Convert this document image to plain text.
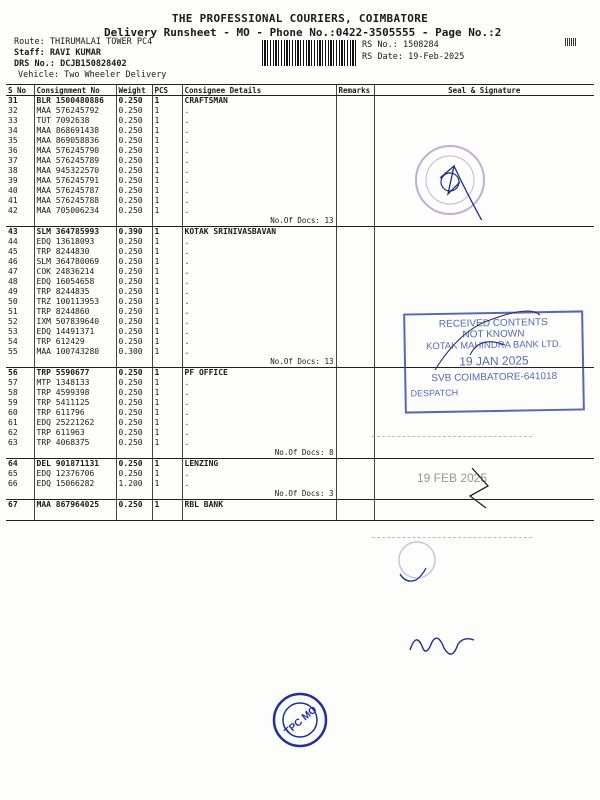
THE PROFESSIONAL COURIERS, COIMBATORE
Delivery Runsheet - MO - Phone No.:0422-3505555 - Page No.:2
Route: THIRUMALAI TOWER PC4
Staff: RAVI KUMAR
DRS No.: DCJB150828402
Vehicle: Two Wheeler Delivery
RS No.: 1508284
RS Date: 19-Feb-2025
S No	Consignment No	Weight	PCS	Consignee Details	Remarks	Seal & Signature
31	BLR 1500480886	0.250	1	CRAFTSMAN		
32	MAA 576245792	0.250	1	.		
33	TUT 7092638	0.250	1	.		
34	MAA 868691438	0.250	1	.		
35	MAA 869058836	0.250	1	.		
36	MAA 576245790	0.250	1	.		
37	MAA 576245789	0.250	1	.		
38	MAA 945322570	0.250	1	.		
39	MAA 576245791	0.250	1	.		
40	MAA 576245787	0.250	1	.		
41	MAA 576245788	0.250	1	.		
42	MAA 705006234	0.250	1	.		
				No.Of Docs: 13		
43	SLM 364785993	0.390	1	KOTAK SRINIVASBAVAN		
44	EDQ 13618093	0.250	1	.		
45	TRP 8244830	0.250	1	.		
46	SLM 364780069	0.250	1	.		
47	COK 24836214	0.250	1	.		
48	EDQ 16054658	0.250	1	.		
49	TRP 8244835	0.250	1	.		
50	TRZ 100113953	0.250	1	.		
51	TRP 8244860	0.250	1	.		
52	IXM 507839640	0.250	1	.		
53	EDQ 14491371	0.250	1	.		
54	TRP 612429	0.250	1	.		
55	MAA 100743280	0.300	1	.		
				No.Of Docs: 13		
56	TRP 5590677	0.250	1	PF OFFICE		
57	MTP 1348133	0.250	1	.		
58	TRP 4599398	0.250	1	.		
59	TRP 5411125	0.250	1	.		
60	TRP 611796	0.250	1	.		
61	EDQ 25221262	0.250	1	.		
62	TRP 611963	0.250	1	.		
63	TRP 4068375	0.250	1	.		
				No.Of Docs: 8		
64	DEL 901871131	0.250	1	LENZING		
65	EDQ 12376706	0.250	1	.		
66	EDQ 15066282	1.200	1	.		
				No.Of Docs: 3		
67	MAA 867964025	0.250	1	RBL BANK		

RECEIVED CONTENTS
NOT KNOWN
KOTAK MAHINDRA BANK LTD.
19 JAN 2025
SVB COIMBATORE-641018
DESPATCH
19 FEB 2025
TPC MO
